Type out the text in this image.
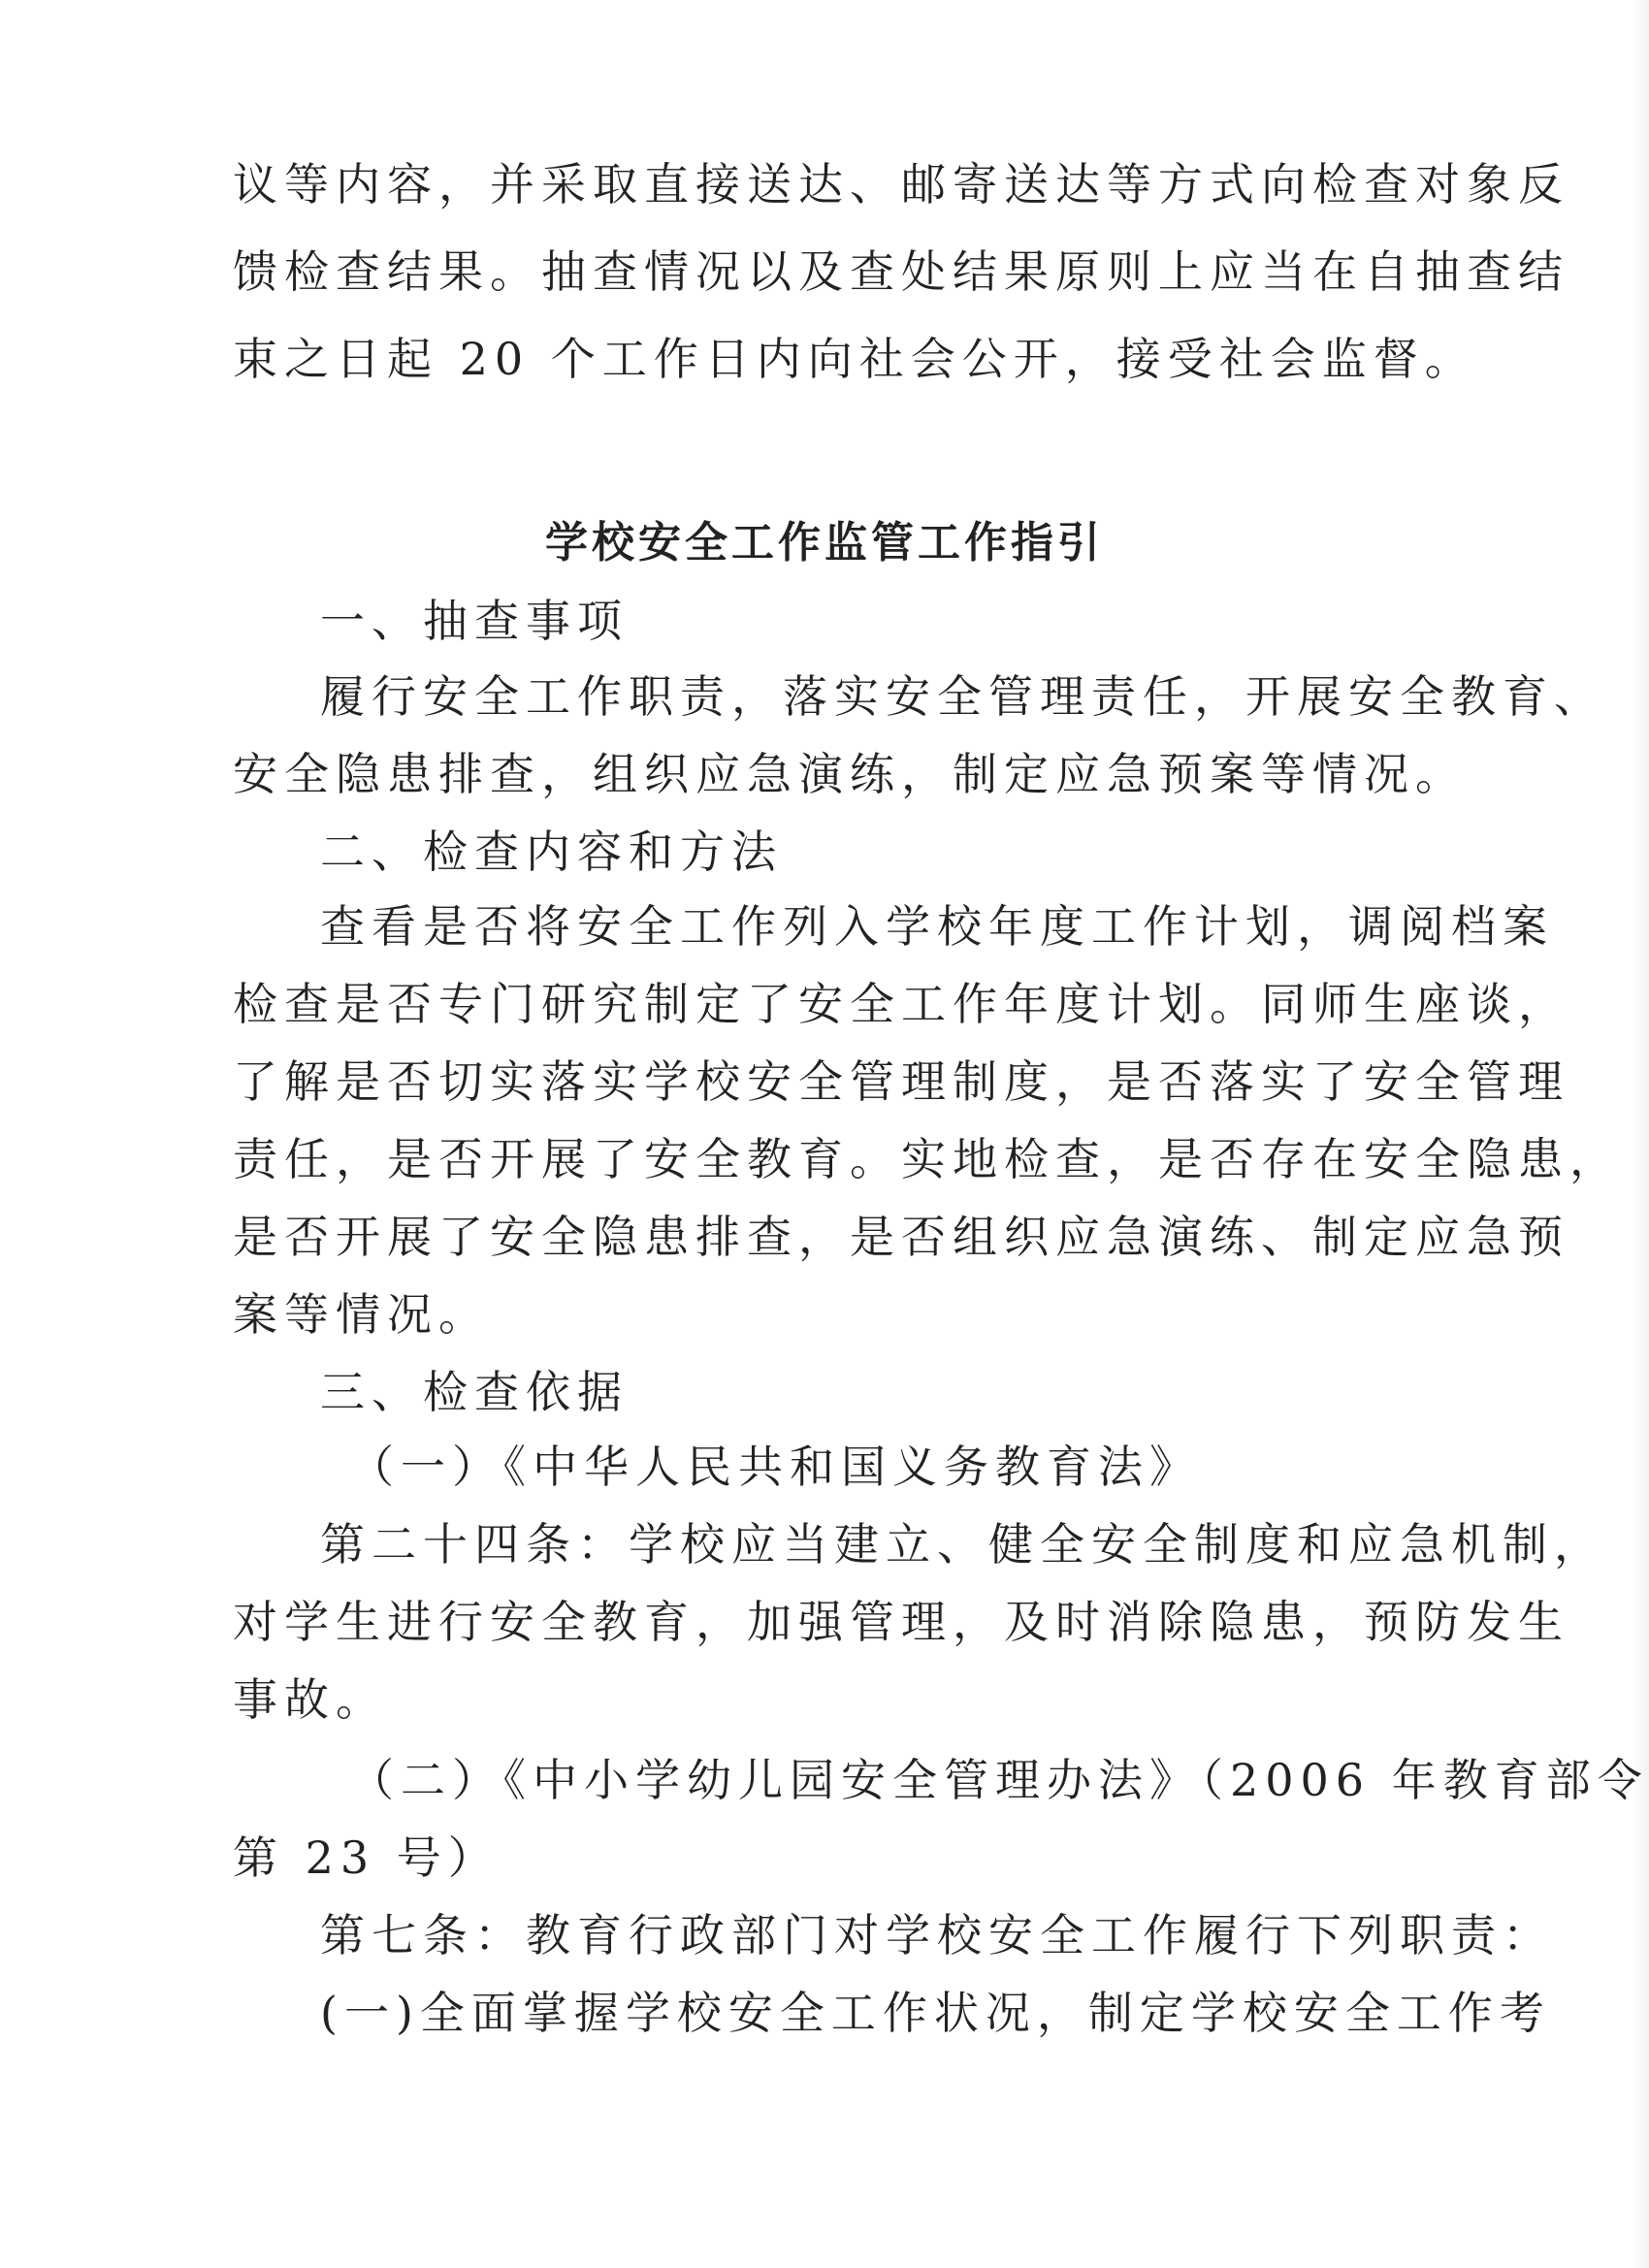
议等内容，并采取直接送达、邮寄送达等方式向检查对象反
馈检查结果。抽查情况以及查处结果原则上应当在自抽查结
束之日起 20 个工作日内向社会公开，接受社会监督。
学校安全工作监管工作指引
一、抽查事项
履行安全工作职责，落实安全管理责任，开展安全教育、
安全隐患排查，组织应急演练，制定应急预案等情况。
二、检查内容和方法
查看是否将安全工作列入学校年度工作计划，调阅档案
检查是否专门研究制定了安全工作年度计划。同师生座谈，
了解是否切实落实学校安全管理制度，是否落实了安全管理
责任，是否开展了安全教育。实地检查，是否存在安全隐患，
是否开展了安全隐患排查，是否组织应急演练、制定应急预
案等情况。
三、检查依据
（一）《中华人民共和国义务教育法》
第二十四条：学校应当建立、健全安全制度和应急机制，
对学生进行安全教育，加强管理，及时消除隐患，预防发生
事故。
（二）《中小学幼儿园安全管理办法》（2006 年教育部令
第 23 号）
第七条：教育行政部门对学校安全工作履行下列职责：
(一)全面掌握学校安全工作状况，制定学校安全工作考
